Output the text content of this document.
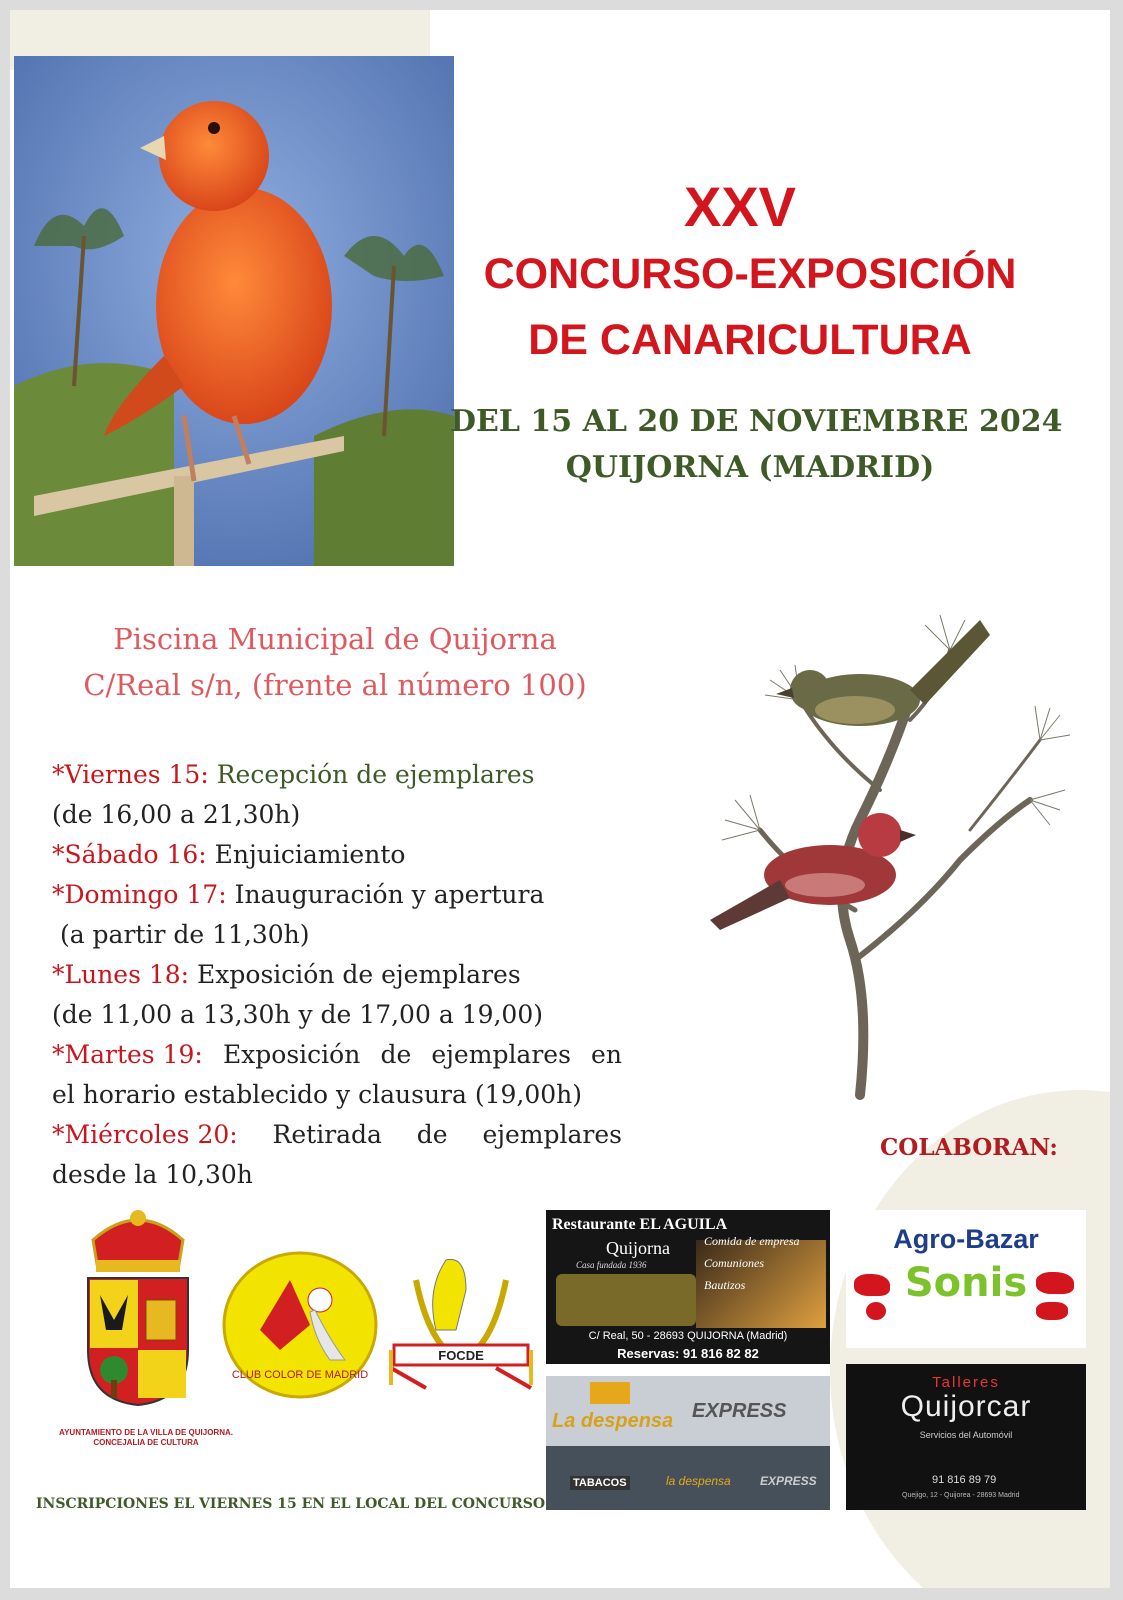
XXV
CONCURSO-EXPOSICIÓN
DE CANARICULTURA
DEL 15 AL 20 DE NOVIEMBRE 2024
QUIJORNA (MADRID)
Piscina Municipal de Quijorna
C/Real s/n, (frente al número 100)
*Viernes 15: Recepción de ejemplares
(de 16,00 a 21,30h)
*Sábado 16: Enjuiciamiento
*Domingo 17: Inauguración y apertura
(a partir de 11,30h)
*Lunes 18: Exposición de ejemplares
(de 11,00 a 13,30h y de 17,00 a 19,00)
*Martes 19: Exposición de ejemplares en
el horario establecido y clausura (19,00h)
*Miércoles 20: Retirada de ejemplares
desde la 10,30h
COLABORAN:
AYUNTAMIENTO DE LA VILLA DE QUIJORNA.
CONCEJALIA DE CULTURA
CLUB COLOR DE MADRID
FOCDE
Restaurante EL AGUILA
Quijorna
Casa fundada 1936
Comida de empresa
Comuniones
Bautizos
C/ Real, 50 - 28693 QUIJORNA (Madrid)
Reservas: 91 816 82 82
La despensa EXPRESS
TABACOS	la despensa EXPRESS
Agro-Bazar
Sonis
Talleres
Quijorcar
Servicios del Automóvil
91 816 89 79
Quejigo, 12 - Quijorea - 28693 Madrid
INSCRIPCIONES EL VIERNES 15 EN EL LOCAL DEL CONCURSO
